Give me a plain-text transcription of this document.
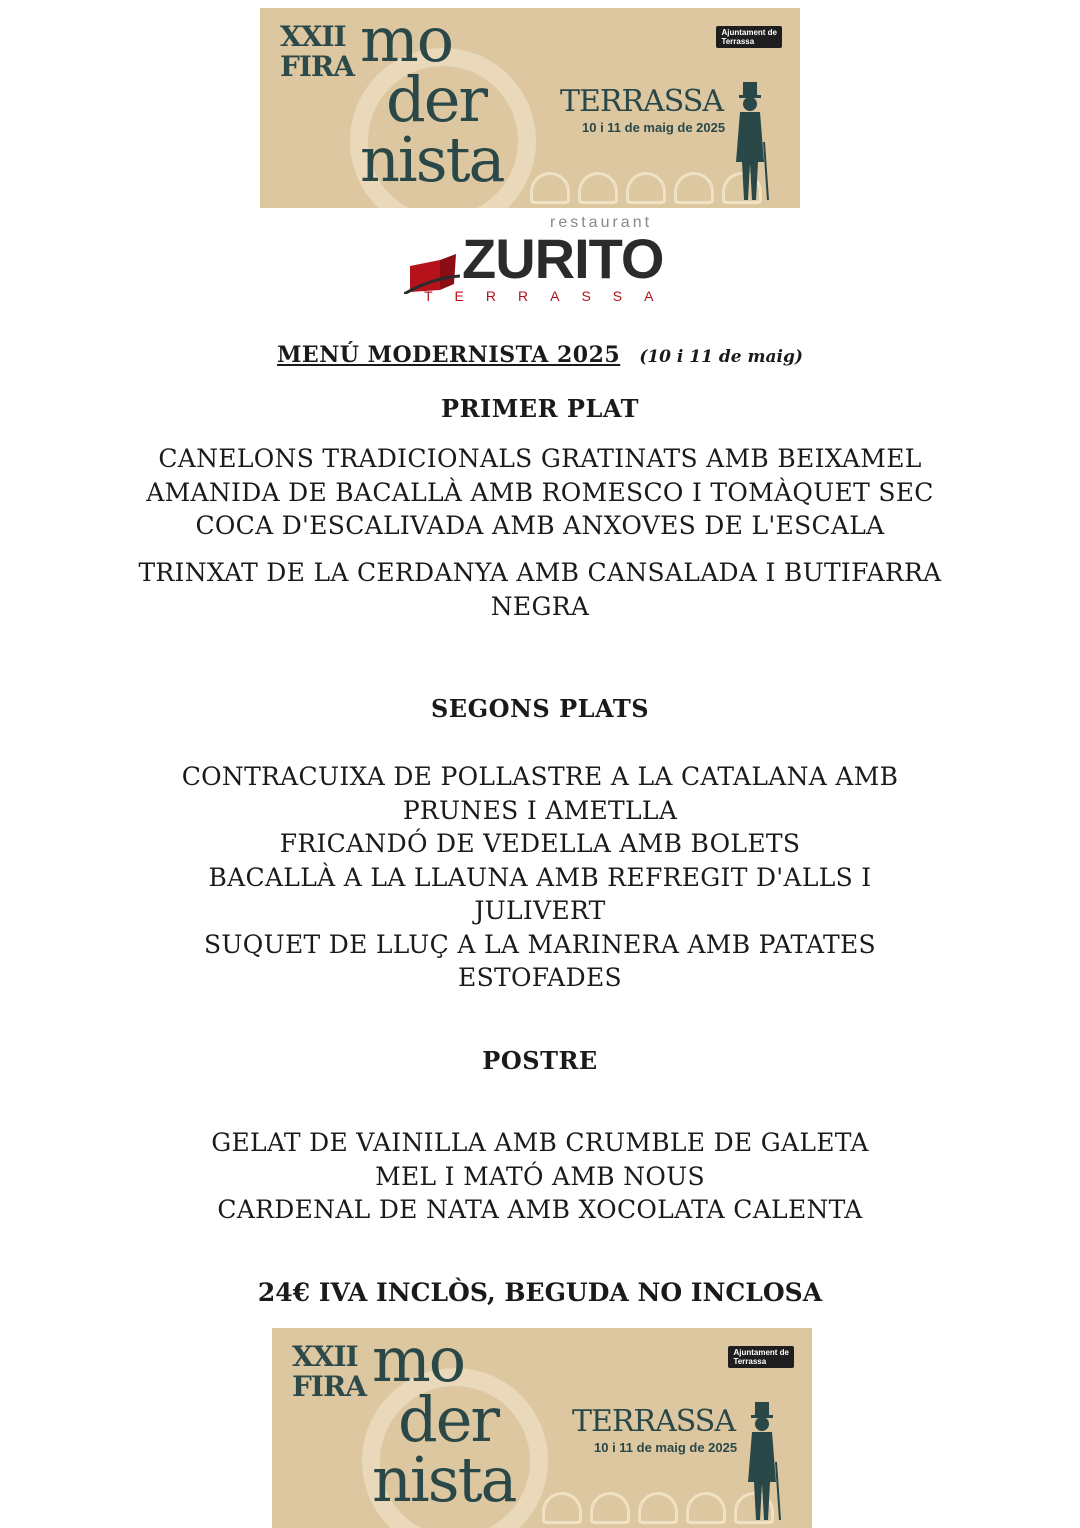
XXII
FIRA mo
der
nista
TERRASSA
10 i 11 de maig de 2025
Ajuntament de
Terrassa
restaurant
ZURITO
TERRASSA
MENÚ MODERNISTA 2025 (10 i 11 de maig)
PRIMER PLAT
CANELONS TRADICIONALS GRATINATS AMB BEIXAMEL
AMANIDA DE BACALLÀ AMB ROMESCO I TOMÀQUET SEC
COCA D'ESCALIVADA AMB ANXOVES DE L'ESCALA
TRINXAT DE LA CERDANYA AMB CANSALADA I BUTIFARRA
NEGRA
SEGONS PLATS
CONTRACUIXA DE POLLASTRE A LA CATALANA AMB
PRUNES I AMETLLA
FRICANDÓ DE VEDELLA AMB BOLETS
BACALLÀ A LA LLAUNA AMB REFREGIT D'ALLS I
JULIVERT
SUQUET DE LLUÇ A LA MARINERA AMB PATATES
ESTOFADES
POSTRE
GELAT DE VAINILLA AMB CRUMBLE DE GALETA
MEL I MATÓ AMB NOUS
CARDENAL DE NATA AMB XOCOLATA CALENTA
24€ IVA INCLÒS, BEGUDA NO INCLOSA
XXII
FIRA mo
der
nista
TERRASSA
10 i 11 de maig de 2025
Ajuntament de
Terrassa
